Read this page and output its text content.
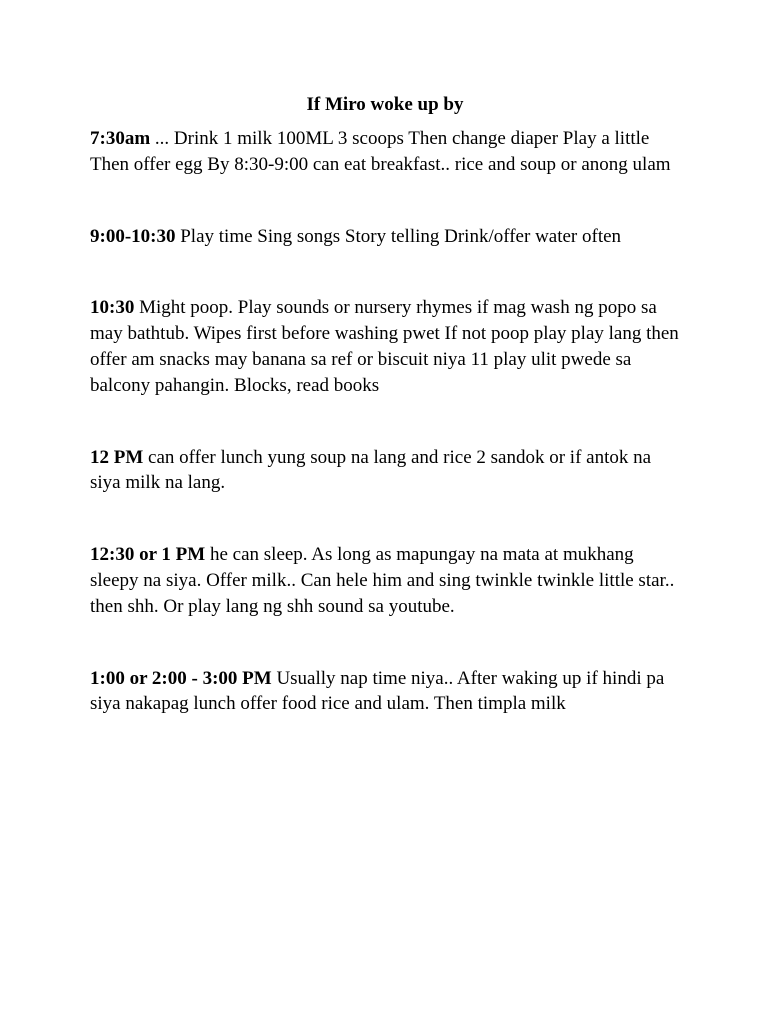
If Miro woke up by

7:30am ... Drink 1 milk 100ML 3 scoops Then change diaper Play a little Then offer egg By 8:30-9:00 can eat breakfast.. rice and soup or anong ulam

9:00-10:30 Play time Sing songs Story telling Drink/offer water often

10:30 Might poop. Play sounds or nursery rhymes if mag wash ng popo sa may bathtub. Wipes first before washing pwet If not poop play play lang then offer am snacks may banana sa ref or biscuit niya 11 play ulit pwede sa balcony pahangin. Blocks, read books

12 PM can offer lunch yung soup na lang and rice 2 sandok or if antok na siya milk na lang.

12:30 or 1 PM he can sleep. As long as mapungay na mata at mukhang sleepy na siya. Offer milk.. Can hele him and sing twinkle twinkle little star.. then shh. Or play lang ng shh sound sa youtube.

1:00 or 2:00 - 3:00 PM Usually nap time niya.. After waking up if hindi pa siya nakapag lunch offer food rice and ulam. Then timpla milk
